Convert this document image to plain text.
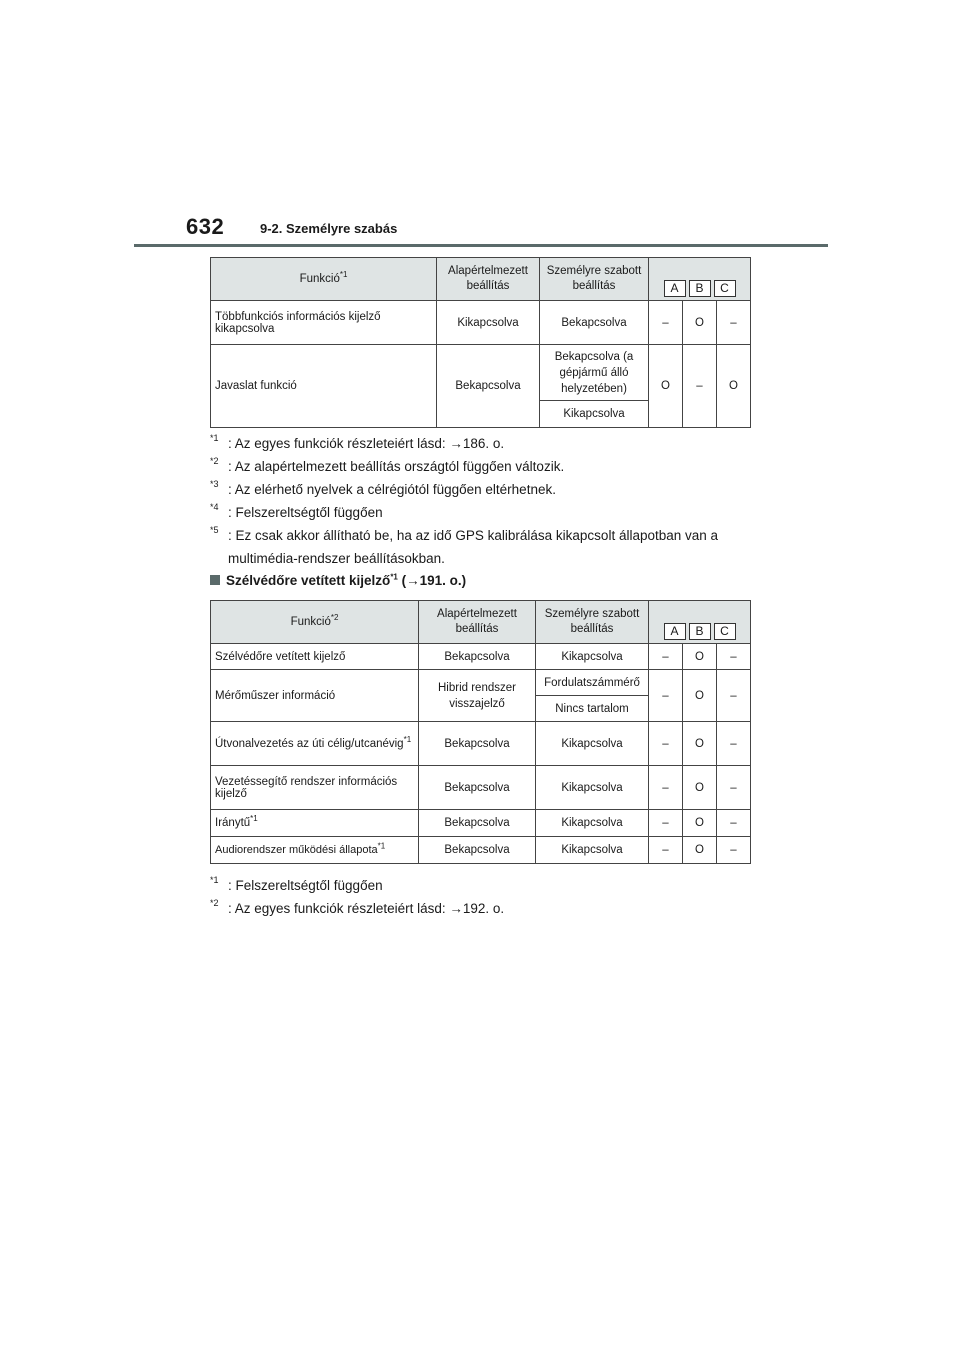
632	9-2. Személyre szabás
Funkció$^{*1}$	Alapértelmezett beállítás	Személyre szabott beállítás	A B C		

Többfunkciós információs kijelző kikapcsolva	Kikapcsolva	Bekapcsolva	–	O	–
Javaslat funkció	Bekapcsolva	Bekapcsolva (a gépjármű álló helyzetében)	O	–	O
		Kikapcsolva			
*1 : Az egyes funkciók részleteiért lásd: →186. o.
*2 : Az alapértelmezett beállítás országtól függően változik.
*3 : Az elérhető nyelvek a célrégiótól függően eltérhetnek.
*4 : Felszereltségtől függően
*5 : Ez csak akkor állítható be, ha az idő GPS kalibrálása kikapcsolt állapotban van a
multimédia-rendszer beállításokban.
Szélvédőre vetített kijelző$^{*1}$ (→191. o.)
Funkció$^{*2}$	Alapértelmezett beállítás	Személyre szabott beállítás	A B C		

Szélvédőre vetített kijelző	Bekapcsolva	Kikapcsolva	–	O	–
Mérőműszer információ	Hibrid rendszer visszajelző	Fordulatszámmérő	–	O	–
		Nincs tartalom			
Útvonalvezetés az úti célig/utcanévig$^{*1}$	Bekapcsolva	Kikapcsolva	–	O	–
Vezetéssegítő rendszer információs kijelző	Bekapcsolva	Kikapcsolva	–	O	–
Iránytű$^{*1}$	Bekapcsolva	Kikapcsolva	–	O	–
Audiorendszer működési állapota$^{*1}$	Bekapcsolva	Kikapcsolva	–	O	–
*1 : Felszereltségtől függően
*2 : Az egyes funkciók részleteiért lásd: →192. o.
